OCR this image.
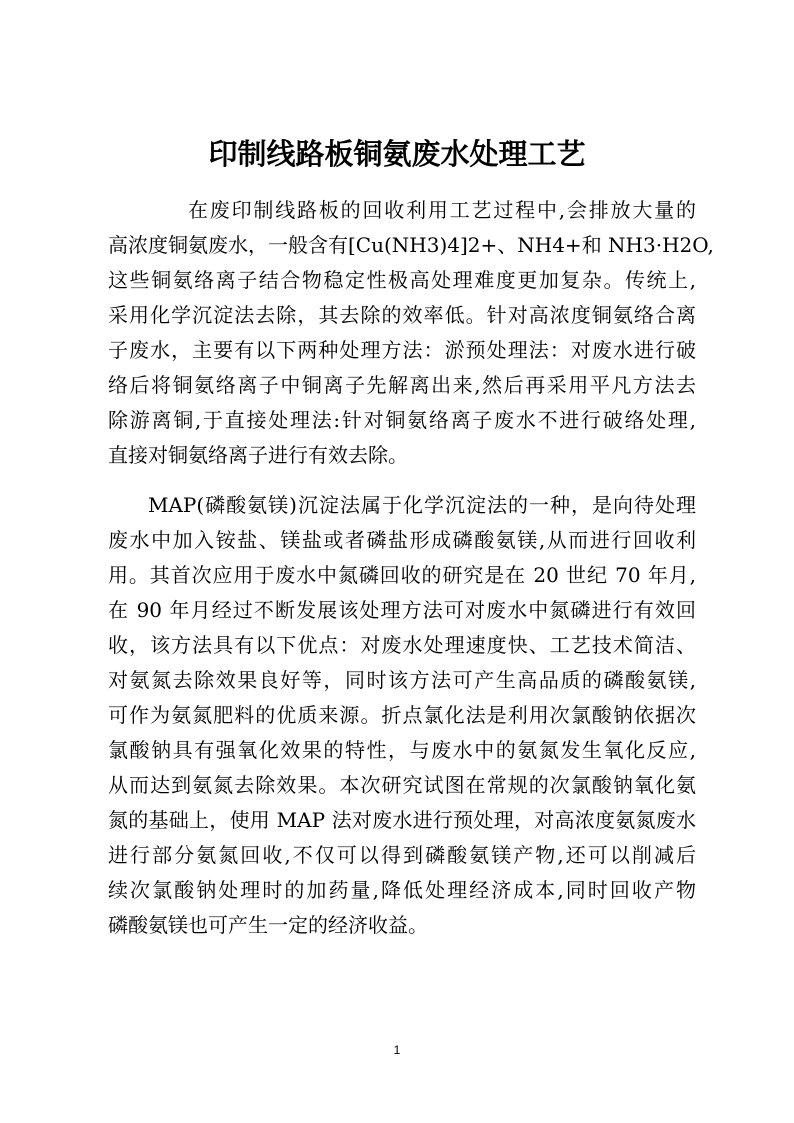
印制线路板铜氨废水处理工艺
在废印制线路板的回收利用工艺过程中,会排放大量的
高浓度铜氨废水，一般含有[Cu(NH3)4]2+、NH4+和 NH3·H2O,
这些铜氨络离子结合物稳定性极高处理难度更加复杂。传统上,
采用化学沉淀法去除，其去除的效率低。针对高浓度铜氨络合离
子废水，主要有以下两种处理方法：淤预处理法：对废水进行破
络后将铜氨络离子中铜离子先解离出来,然后再采用平凡方法去
除游离铜,于直接处理法:针对铜氨络离子废水不进行破络处理,
直接对铜氨络离子进行有效去除。
MAP(磷酸氨镁)沉淀法属于化学沉淀法的一种，是向待处理
废水中加入铵盐、镁盐或者磷盐形成磷酸氨镁,从而进行回收利
用。其首次应用于废水中氮磷回收的研究是在 20 世纪 70 年月,
在 90 年月经过不断发展该处理方法可对废水中氮磷进行有效回
收，该方法具有以下优点：对废水处理速度快、工艺技术简洁、
对氨氮去除效果良好等，同时该方法可产生高品质的磷酸氨镁,
可作为氨氮肥料的优质来源。折点氯化法是利用次氯酸钠依据次
氯酸钠具有强氧化效果的特性，与废水中的氨氮发生氧化反应,
从而达到氨氮去除效果。本次研究试图在常规的次氯酸钠氧化氨
氮的基础上，使用 MAP 法对废水进行预处理，对高浓度氨氮废水
进行部分氨氮回收,不仅可以得到磷酸氨镁产物,还可以削减后
续次氯酸钠处理时的加药量,降低处理经济成本,同时回收产物
磷酸氨镁也可产生一定的经济收益。
1
